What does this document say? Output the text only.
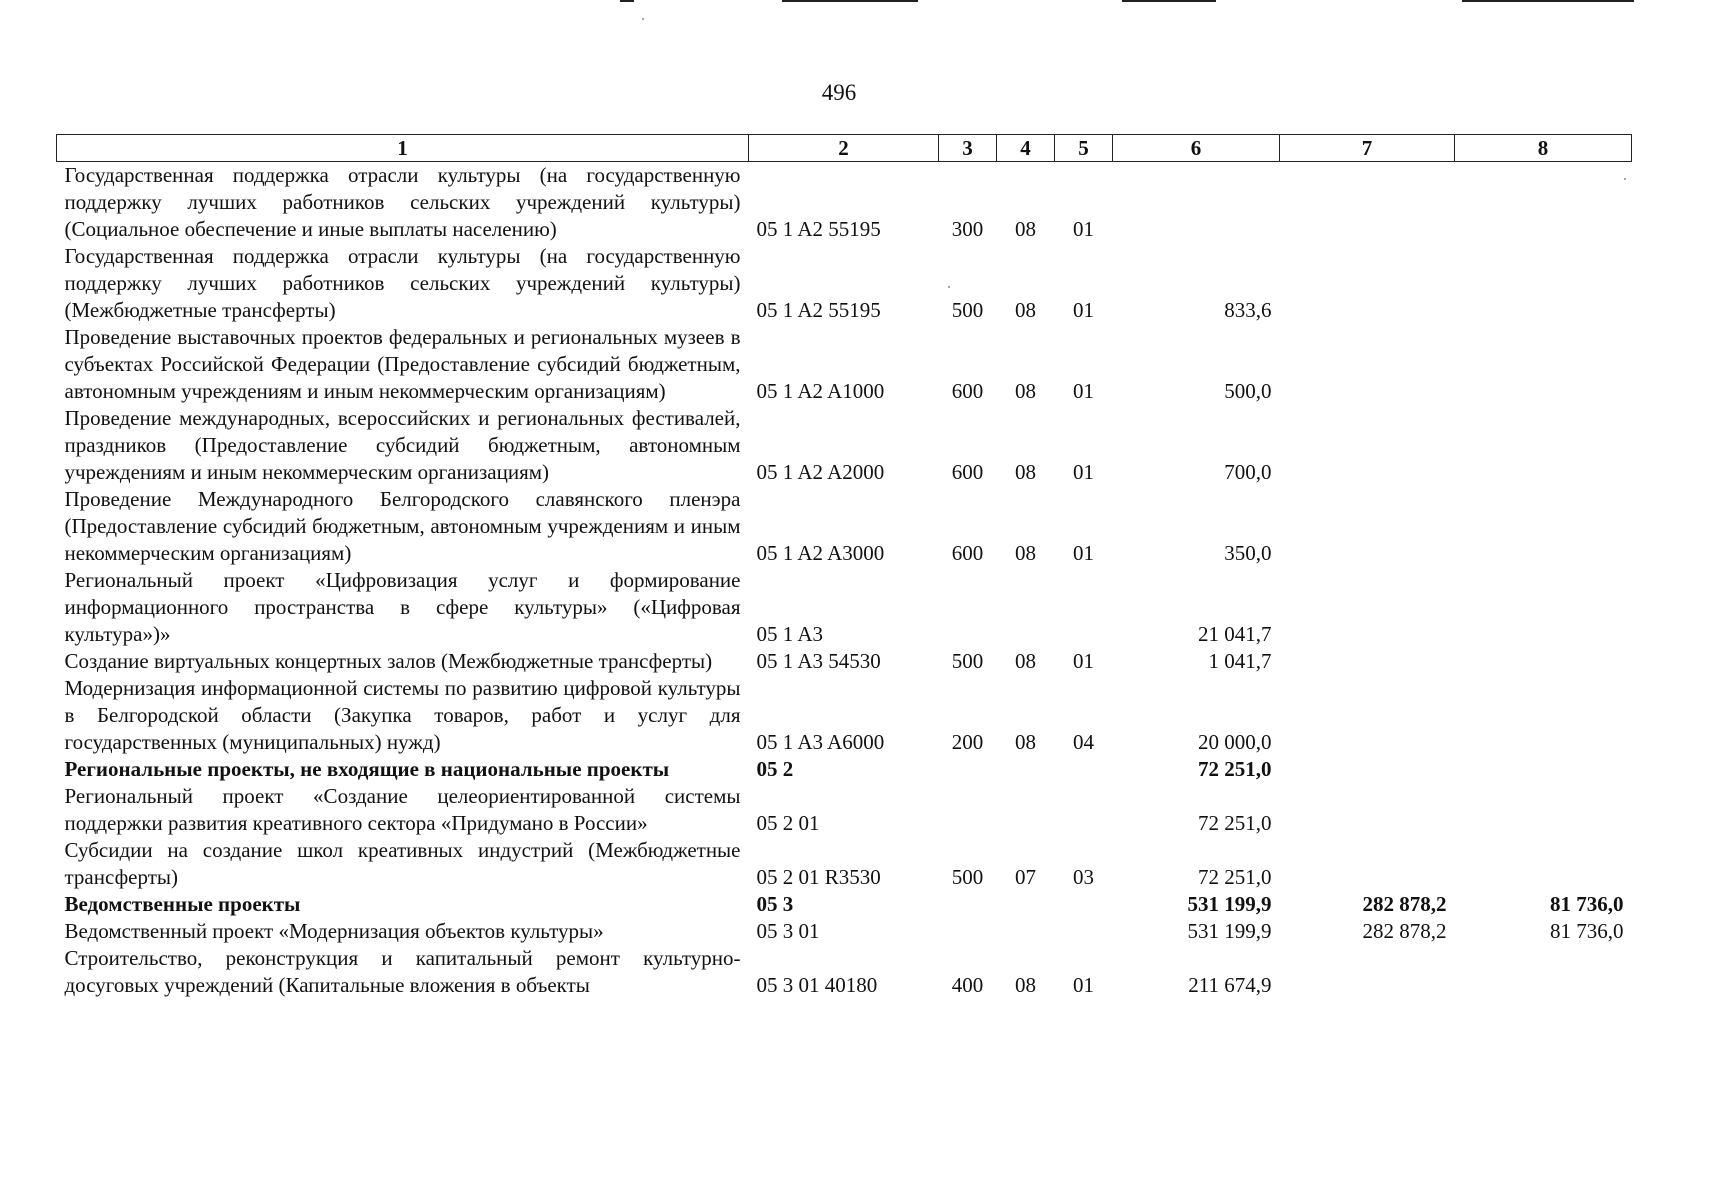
496
1	2	3	4	5	6	7	8
Государственная поддержка отрасли культуры (на государственную поддержку лучших работников сельских учреждений культуры) (Социальное обеспечение и иные выплаты населению)	05 1 A2 55195	300	08	01			
Государственная поддержка отрасли культуры (на государственную поддержку лучших работников сельских учреждений культуры) (Межбюджетные трансферты)	05 1 A2 55195	500	08	01	833,6		
Проведение выставочных проектов федеральных и региональных музеев в субъектах Российской Федерации (Предоставление субсидий бюджетным, автономным учреждениям и иным некоммерческим организациям)	05 1 A2 A1000	600	08	01	500,0		
Проведение международных, всероссийских и региональных фестивалей, праздников (Предоставление субсидий бюджетным, автономным учреждениям и иным некоммерческим организациям)	05 1 A2 A2000	600	08	01	700,0		
Проведение Международного Белгородского славянского пленэра (Предоставление субсидий бюджетным, автономным учреждениям и иным некоммерческим организациям)	05 1 A2 A3000	600	08	01	350,0		
Региональный проект «Цифровизация услуг и формирование информационного пространства в сфере культуры» («Цифровая культура»)»	05 1 A3				21 041,7		
Создание виртуальных концертных залов (Межбюджетные трансферты)	05 1 A3 54530	500	08	01	1 041,7		
Модернизация информационной системы по развитию цифровой культуры в Белгородской области (Закупка товаров, работ и услуг для государственных (муниципальных) нужд)	05 1 A3 A6000	200	08	04	20 000,0		
Региональные проекты, не входящие в национальные проекты	05 2				72 251,0		
Региональный проект «Создание целеориентированной системы поддержки развития креативного сектора «Придумано в России»	05 2 01				72 251,0		
Субсидии на создание школ креативных индустрий (Межбюджетные трансферты)	05 2 01 R3530	500	07	03	72 251,0		
Ведомственные проекты	05 3				531 199,9	282 878,2	81 736,0
Ведомственный проект «Модернизация объектов культуры»	05 3 01				531 199,9	282 878,2	81 736,0
Строительство, реконструкция и капитальный ремонт культурно-досуговых учреждений (Капитальные вложения в объекты	05 3 01 40180	400	08	01	211 674,9		
